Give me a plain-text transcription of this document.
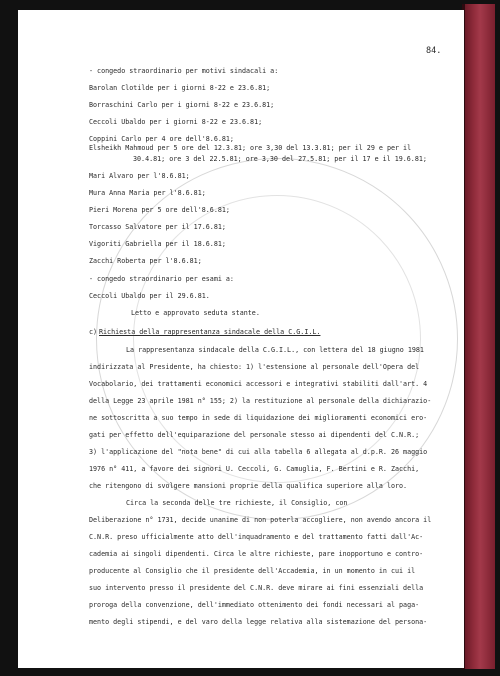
84.
- congedo straordinario per motivi sindacali a:
Barolan Clotilde per i giorni 8-22 e 23.6.81;
Borraschini Carlo per i giorni 8-22 e 23.6.81;
Ceccoli Ubaldo per i giorni 8-22 e 23.6.81;
Coppini Carlo per 4 ore dell'8.6.81;
Elsheikh Mahmoud per 5 ore del 12.3.81; ore 3,30 del 13.3.81; per il 29 e per il
30.4.81; ore 3 del 22.5.81; ore 3,30 del 27.5.81; per il 17 e il 19.6.81;
Mari Alvaro per l'8.6.81;
Mura Anna Maria per l'8.6.81;
Pieri Morena per 5 ore dell'8.6.81;
Torcasso Salvatore per il 17.6.81;
Vigoriti Gabriella per il 18.6.81;
Zacchi Roberta per l'8.6.81;
- congedo straordinario per esami a:
Ceccoli Ubaldo per il 29.6.81.
Letto e approvato seduta stante.
c) Richiesta della rappresentanza sindacale della C.G.I.L.
La rappresentanza sindacale della C.G.I.L., con lettera del 18 giugno 1981
indirizzata al Presidente, ha chiesto: 1) l'estensione al personale dell'Opera del
Vocabolario, dei trattamenti economici accessori e integrativi stabiliti dall'art. 4
della Legge 23 aprile 1981 n° 155; 2) la restituzione al personale della dichiarazio-
ne sottoscritta a suo tempo in sede di liquidazione dei miglioramenti economici ero-
gati per effetto dell'equiparazione del personale stesso ai dipendenti del C.N.R.;
3) l'applicazione del "nota bene" di cui alla tabella 6 allegata al d.p.R. 26 maggio
1976 n° 411, a favore dei signori U. Ceccoli, G. Camuglia, F. Bertini e R. Zacchi,
che ritengono di svolgere mansioni proprie della qualifica superiore alla loro.
Circa la seconda delle tre richieste, il Consiglio, con
Deliberazione n° 1731, decide unanime di non poterla accogliere, non avendo ancora il
C.N.R. preso ufficialmente atto dell'inquadramento e del trattamento fatti dall'Ac-
cademia ai singoli dipendenti. Circa le altre richieste, pare inopportuno e contro-
producente al Consiglio che il presidente dell'Accademia, in un momento in cui il
suo intervento presso il presidente del C.N.R. deve mirare ai fini essenziali della
proroga della convenzione, dell'immediato ottenimento dei fondi necessari al paga-
mento degli stipendi, e del varo della legge relativa alla sistemazione del persona-
